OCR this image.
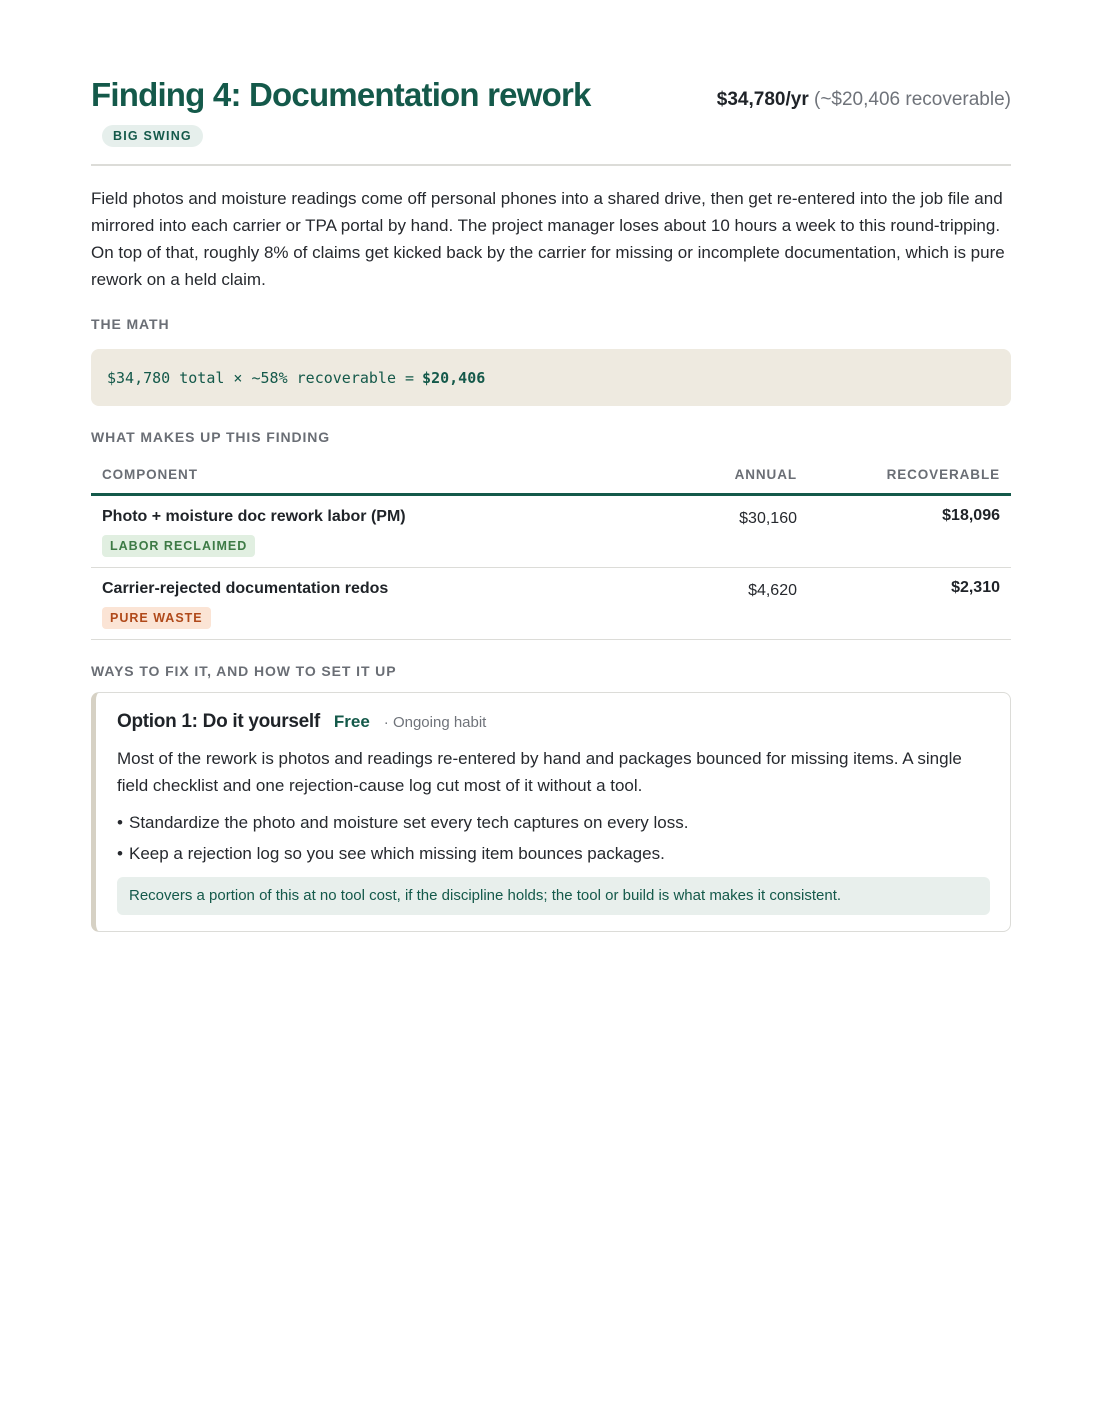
Finding 4: Documentation rework	$34,780/yr (~$20,406 recoverable)
BIG SWING

Field photos and moisture readings come off personal phones into a shared drive, then get re-entered into the job file and mirrored into each carrier or TPA portal by hand. The project manager loses about 10 hours a week to this round-tripping. On top of that, roughly 8% of claims get kicked back by the carrier for missing or incomplete documentation, which is pure rework on a held claim.

THE MATH
$34,780 total × ~58% recoverable = $20,406
WHAT MAKES UP THIS FINDING
COMPONENT	ANNUAL	RECOVERABLE

Photo + moisture doc rework labor (PM)
LABOR RECLAIMED	$30,160	$18,096

Carrier-rejected documentation redos
PURE WASTE	$4,620	$2,310
WAYS TO FIX IT, AND HOW TO SET IT UP
Option 1: Do it yourself Free · Ongoing habit

Most of the rework is photos and readings re-entered by hand and packages bounced for missing items. A single field checklist and one rejection-cause log cut most of it without a tool.

• Standardize the photo and moisture set every tech captures on every loss.
• Keep a rejection log so you see which missing item bounces packages.
Recovers a portion of this at no tool cost, if the discipline holds; the tool or build is what makes it consistent.
